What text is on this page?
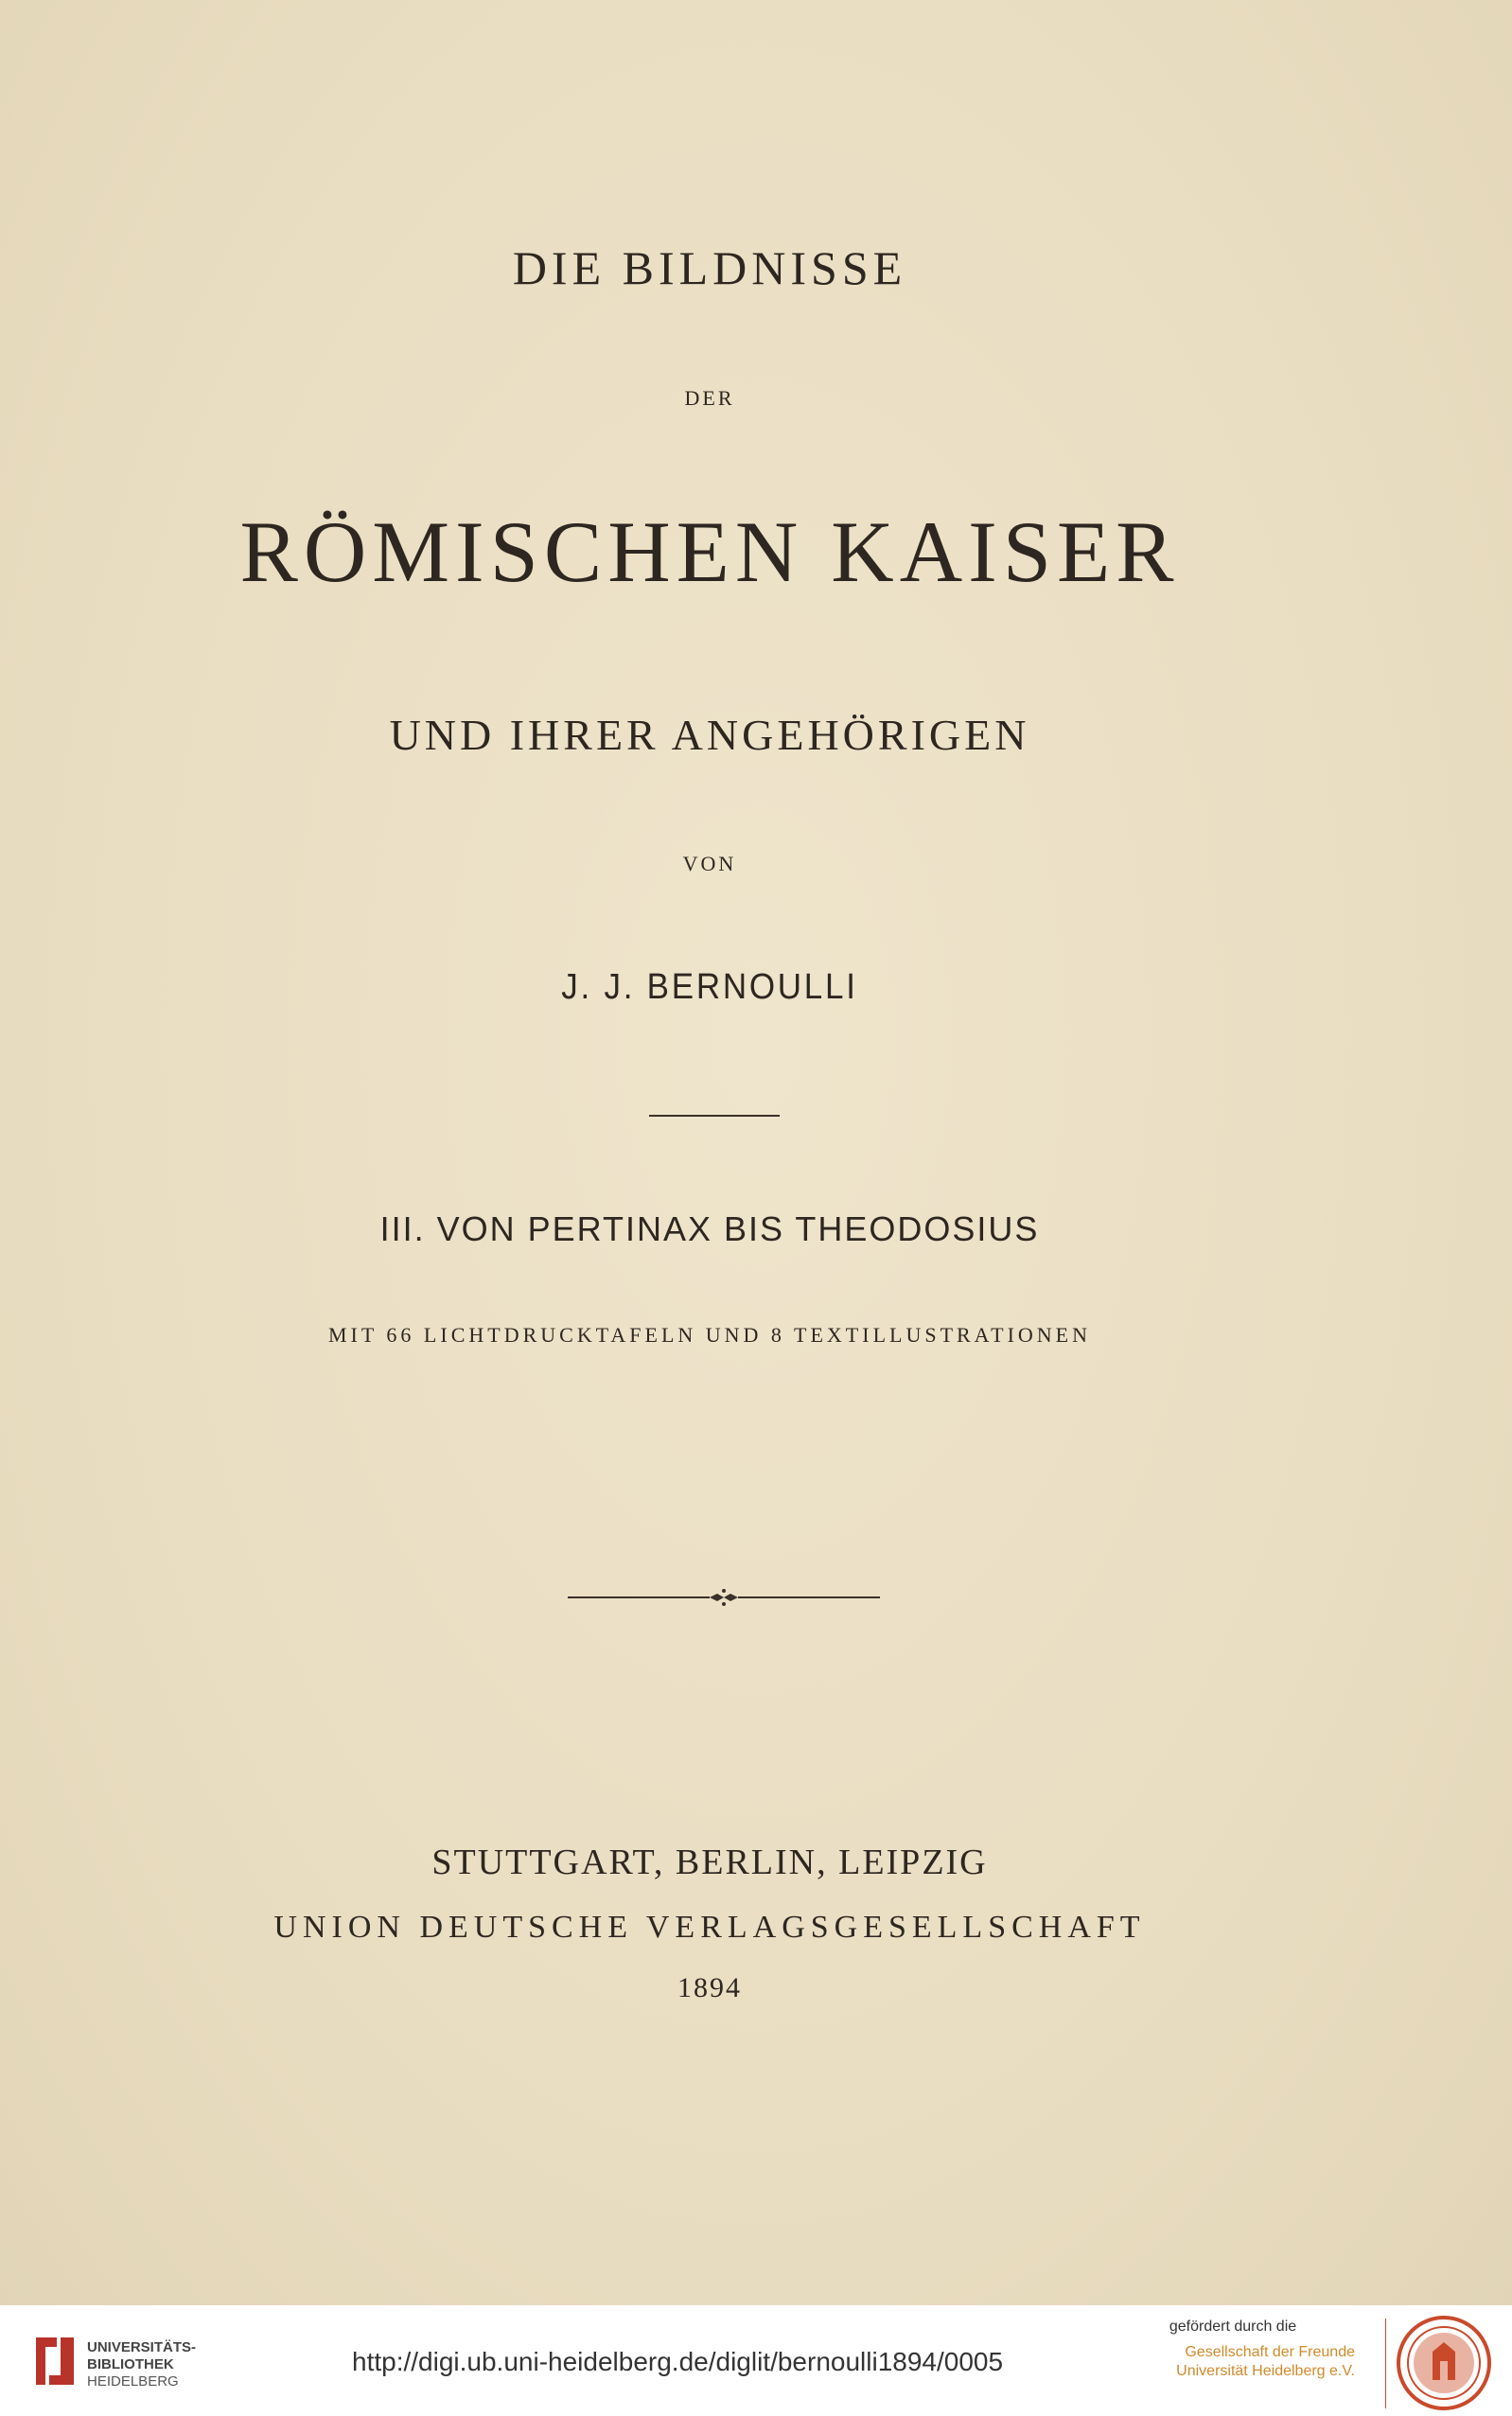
DIE BILDNISSE
DER
RÖMISCHEN KAISER
UND IHRER ANGEHÖRIGEN
VON
J. J. BERNOULLI
III. VON PERTINAX BIS THEODOSIUS
MIT 66 LICHTDRUCKTAFELN UND 8 TEXTILLUSTRATIONEN
STUTTGART, BERLIN, LEIPZIG
UNION DEUTSCHE VERLAGSGESELLSCHAFT
1894
UNIVERSITÄTS-
BIBLIOTHEK
HEIDELBERG
http://digi.ub.uni-heidelberg.de/diglit/bernoulli1894/0005
gefördert durch die
Gesellschaft der Freunde
Universität Heidelberg e.V.
